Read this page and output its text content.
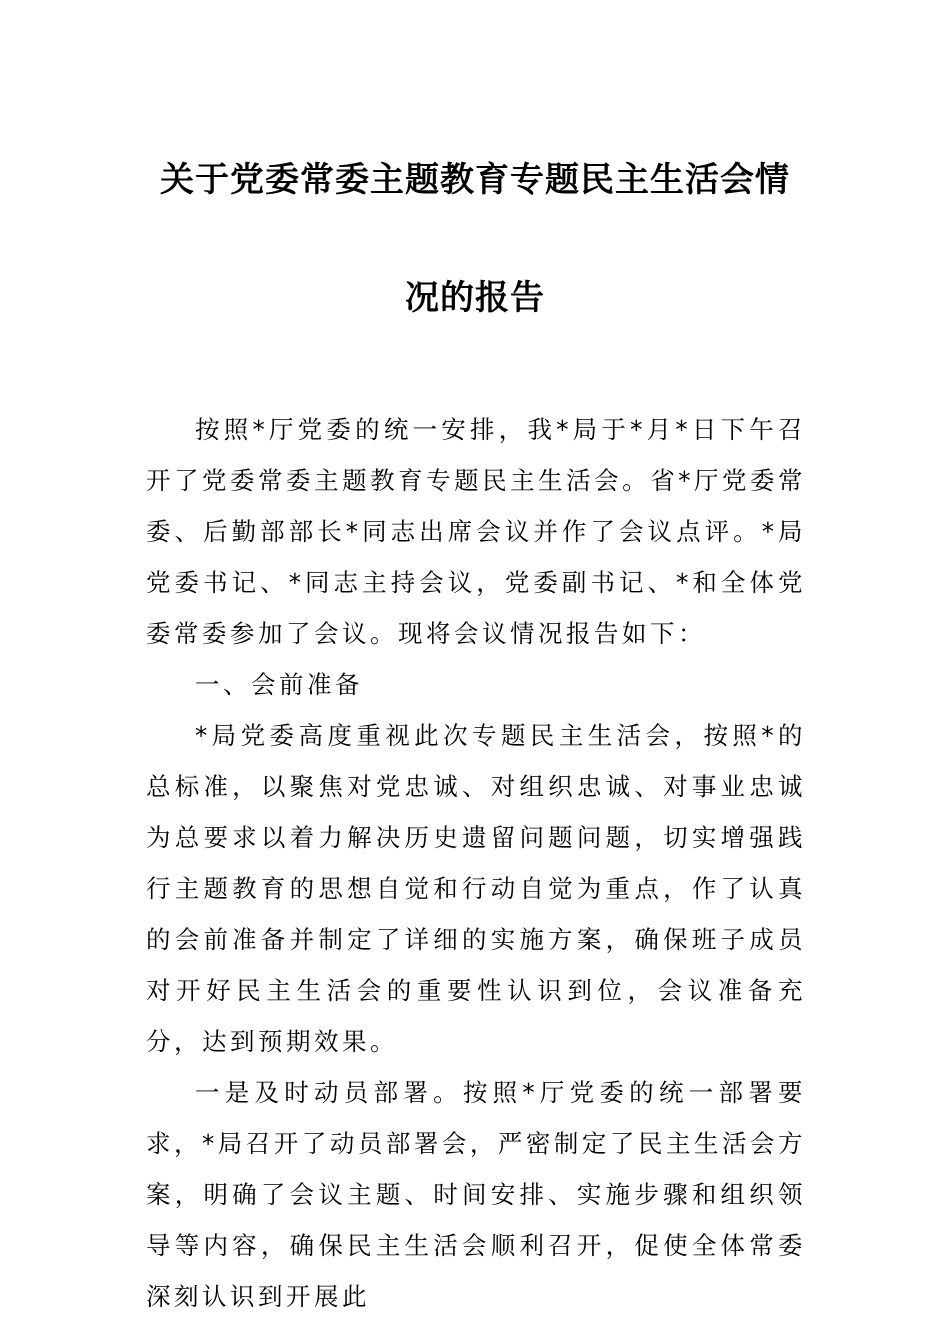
关于党委常委主题教育专题民主生活会情
况的报告

按照*厅党委的统一安排，我*局于*月*日下午召开了党委常委主题教育专题民主生活会。省*厅党委常委、后勤部部长*同志出席会议并作了会议点评。*局党委书记、*同志主持会议，党委副书记、*和全体党委常委参加了会议。现将会议情况报告如下：

一、会前准备

*局党委高度重视此次专题民主生活会，按照*的总标准，以聚焦对党忠诚、对组织忠诚、对事业忠诚为总要求以着力解决历史遗留问题问题，切实增强践行主题教育的思想自觉和行动自觉为重点，作了认真的会前准备并制定了详细的实施方案，确保班子成员对开好民主生活会的重要性认识到位，会议准备充分，达到预期效果。

一是及时动员部署。按照*厅党委的统一部署要求，*局召开了动员部署会，严密制定了民主生活会方案，明确了会议主题、时间安排、实施步骤和组织领导等内容，确保民主生活会顺利召开，促使全体常委深刻认识到开展此
